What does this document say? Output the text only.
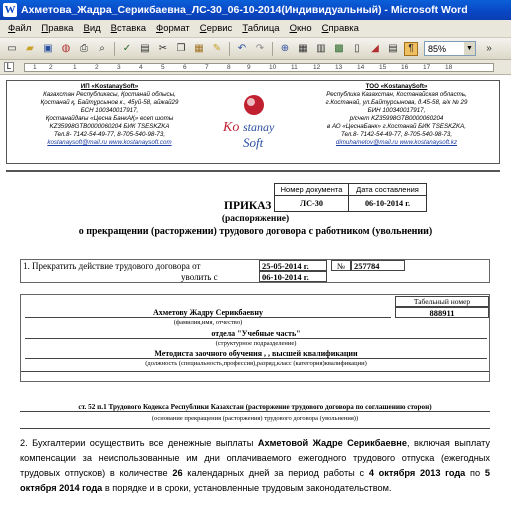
W Ахметова_Жадра_Серикбаевна_ЛС-30_06-10-2014(Индивидуальный) - Microsoft Word
Файл	Правка	Вид	Вставка	Формат	Сервис	Таблица	Окно	Справка
▭ ▰ ▣ ◍ ⎙	⌕	✓ ▤ ✂ ❐ ▦ ✎ ↶ ↷ ⊕ ▦ ▥ ▩	▯	◢ ▤	¶	85%	▼	»
L	1 2	1	2	3	4	5	6	7	8	9	10 11 12 13 14 15 16 17 18
ИП «KostanaySoft»
Казахстан Республикасы, Қостанай облысы,
Қостанай қ, Байтұрсынов к., 45уй-58, айжай29
БСН 100340017917,
Қостанайдағы «Цесна БанкАҚ» есеп шоты
KZ35998GTB0000060204 БИК TSESKZKA
Тел.8- 7142-54-49-77, 8-705-540-98-73,
kostanaysoft@mail.ru www.kostanaysoft.com
Ko stanay
Soft
ТОО «KostanaySoft»
Республика Казахстан, Костанайская область,
г.Костанай, ул.Байтурсынова, д.45-58, а/к № 29
БИН 100340017917,
р/счет KZ35998GTB0000060204
в АО «ЦеснаБанк» г.Костанай БИК TSESKZKA,
Тел.8- 7142-54-49-77, 8-705-540-98-73,
dimuhametov@mail.ru www.kostanaysoft.kz
Номер документа	Дата составления
ЛС-30	06-10-2014 г.
ПРИКАЗ
(распоряжение)
о прекращении (расторжении) трудового договора с работником (увольнении)
1. Прекратить действие трудового договора от	25-05-2014 г.	№	257784
уволить с	06-10-2014 г.
Табельный номер
888911
Ахметову Жадру Серикбаевну
(фамилия,имя, отчество)
отдела "Учебные часть"
(структурное подразделение)
Методиста заочного обучения , , высшей квалификации
(должность (специальность,профессия),разряд,класс (категория)квалификации)
ст. 52 п.1 Трудового Кодекса Республики Казахстан (расторжение трудового договора по соглашению сторон)
(основание прекращения (расторжения) трудового договора (увольнения))
2. Бухгалтерии осуществить все денежные выплаты Ахметовой Жадре Серикбаевне, включая выплату компенсации за неиспользованные им дни оплачиваемого ежегодного трудового отпуска (ежегодных трудовых отпусков) в количестве 26 календарных дней за период работы с 4 октября 2013 года по 5 октября 2014 года в порядке и в сроки, установленные трудовым законодательством.
